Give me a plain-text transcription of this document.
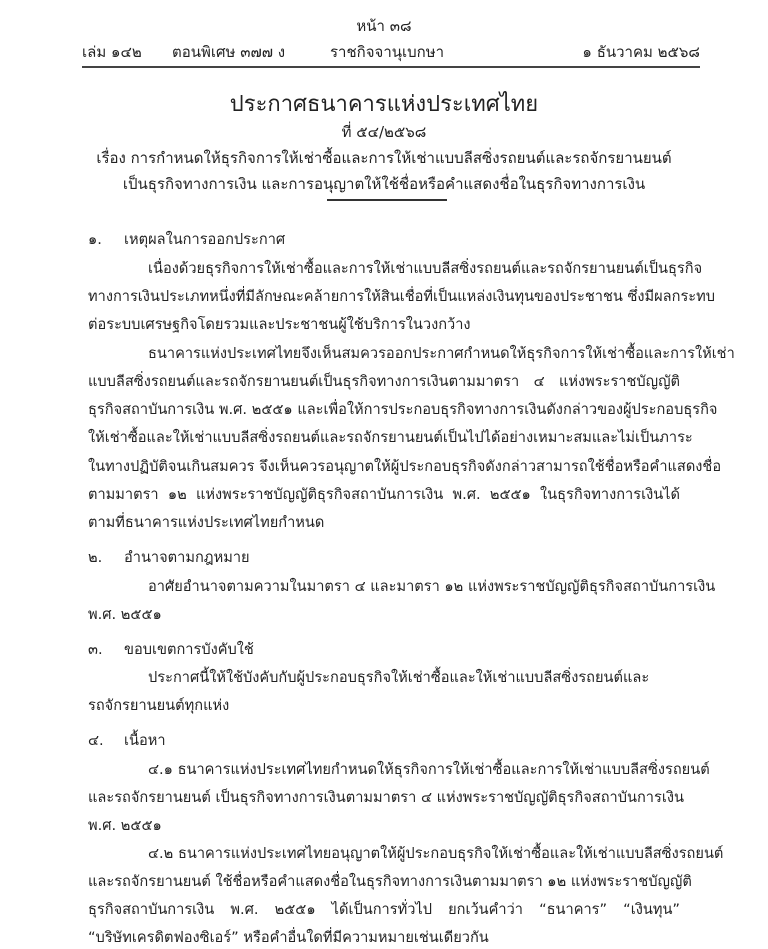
หน้า ๓๘
เล่ม ๑๔๒ ตอนพิเศษ ๓๗๗ ง	ราชกิจจานุเบกษา	๑ ธันวาคม ๒๕๖๘
ประกาศธนาคารแห่งประเทศไทย
ที่ ๕๔/๒๕๖๘
เรื่อง การกำหนดให้ธุรกิจการให้เช่าซื้อและการให้เช่าแบบลีสซิ่งรถยนต์และรถจักรยานยนต์
เป็นธุรกิจทางการเงิน และการอนุญาตให้ใช้ชื่อหรือคำแสดงชื่อในธุรกิจทางการเงิน
๑. เหตุผลในการออกประกาศ
เนื่องด้วยธุรกิจการให้เช่าซื้อและการให้เช่าแบบลีสซิ่งรถยนต์และรถจักรยานยนต์เป็นธุรกิจ
ทางการเงินประเภทหนึ่งที่มีลักษณะคล้ายการให้สินเชื่อที่เป็นแหล่งเงินทุนของประชาชน ซึ่งมีผลกระทบ
ต่อระบบเศรษฐกิจโดยรวมและประชาชนผู้ใช้บริการในวงกว้าง
ธนาคารแห่งประเทศไทยจึงเห็นสมควรออกประกาศกำหนดให้ธุรกิจการให้เช่าซื้อและการให้เช่า
แบบลีสซิ่งรถยนต์และรถจักรยานยนต์เป็นธุรกิจทางการเงินตามมาตรา ๔ แห่งพระราชบัญญัติ
ธุรกิจสถาบันการเงิน พ.ศ. ๒๕๕๑ และเพื่อให้การประกอบธุรกิจทางการเงินดังกล่าวของผู้ประกอบธุรกิจ
ให้เช่าซื้อและให้เช่าแบบลีสซิ่งรถยนต์และรถจักรยานยนต์เป็นไปได้อย่างเหมาะสมและไม่เป็นภาระ
ในทางปฏิบัติจนเกินสมควร จึงเห็นควรอนุญาตให้ผู้ประกอบธุรกิจดังกล่าวสามารถใช้ชื่อหรือคำแสดงชื่อ
ตามมาตรา ๑๒ แห่งพระราชบัญญัติธุรกิจสถาบันการเงิน พ.ศ. ๒๕๕๑ ในธุรกิจทางการเงินได้
ตามที่ธนาคารแห่งประเทศไทยกำหนด
๒. อำนาจตามกฎหมาย
อาศัยอำนาจตามความในมาตรา ๔ และมาตรา ๑๒ แห่งพระราชบัญญัติธุรกิจสถาบันการเงิน
พ.ศ. ๒๕๕๑
๓. ขอบเขตการบังคับใช้
ประกาศนี้ให้ใช้บังคับกับผู้ประกอบธุรกิจให้เช่าซื้อและให้เช่าแบบลีสซิ่งรถยนต์และ
รถจักรยานยนต์ทุกแห่ง
๔. เนื้อหา
๔.๑ ธนาคารแห่งประเทศไทยกำหนดให้ธุรกิจการให้เช่าซื้อและการให้เช่าแบบลีสซิ่งรถยนต์
และรถจักรยานยนต์ เป็นธุรกิจทางการเงินตามมาตรา ๔ แห่งพระราชบัญญัติธุรกิจสถาบันการเงิน
พ.ศ. ๒๕๕๑
๔.๒ ธนาคารแห่งประเทศไทยอนุญาตให้ผู้ประกอบธุรกิจให้เช่าซื้อและให้เช่าแบบลีสซิ่งรถยนต์
และรถจักรยานยนต์ ใช้ชื่อหรือคำแสดงชื่อในธุรกิจทางการเงินตามมาตรา ๑๒ แห่งพระราชบัญญัติ
ธุรกิจสถาบันการเงิน พ.ศ. ๒๕๕๑ ได้เป็นการทั่วไป ยกเว้นคำว่า “ธนาคาร” “เงินทุน”
“บริษัทเครดิตฟองซิเอร์” หรือคำอื่นใดที่มีความหมายเช่นเดียวกัน
